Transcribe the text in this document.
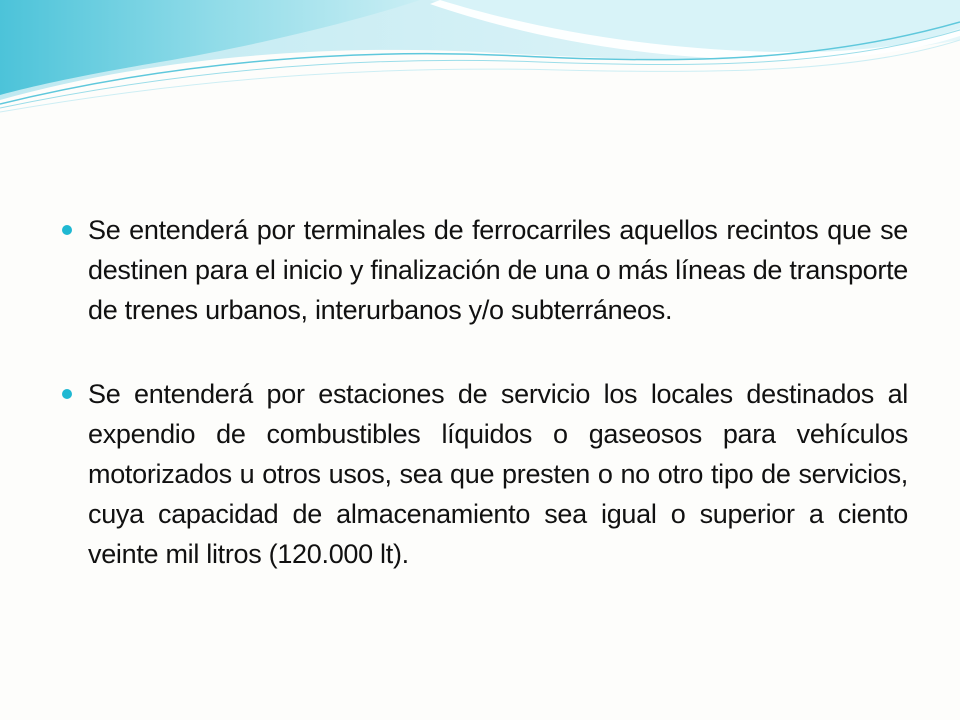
Se entenderá por terminales de ferrocarriles aquellos recintos que se destinen para el inicio y finalización de una o más líneas de transporte de trenes urbanos, interurbanos y/o subterráneos.

Se entenderá por estaciones de servicio los locales destinados al expendio de combustibles líquidos o gaseosos para vehículos motorizados u otros usos, sea que presten o no otro tipo de servicios, cuya capacidad de almacenamiento sea igual o superior a ciento veinte mil litros (120.000 lt).
